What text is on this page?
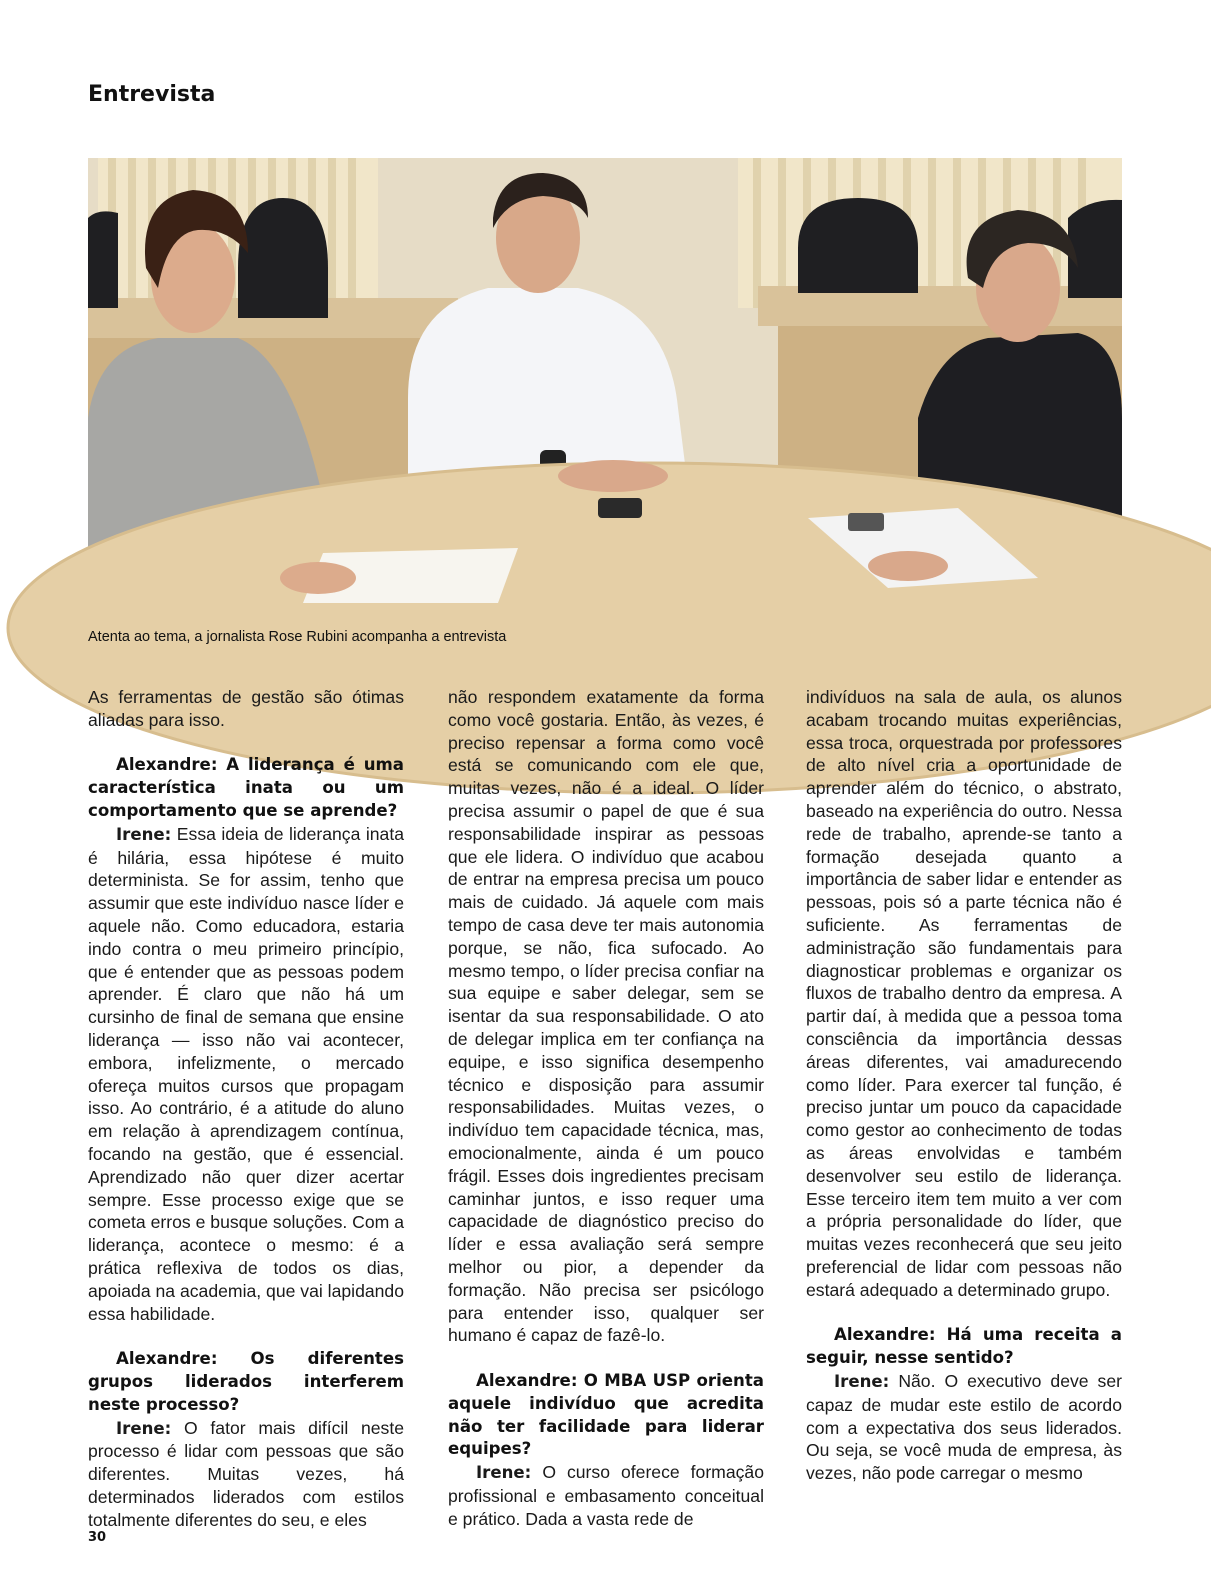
Entrevista
Atenta ao tema, a jornalista Rose Rubini acompanha a entrevista

As ferramentas de gestão são ótimas aliadas para isso.

Alexandre: A liderança é uma característica inata ou um comportamento que se aprende?

Irene: Essa ideia de liderança inata é hilária, essa hipótese é muito determinista. Se for assim, tenho que assumir que este indivíduo nasce líder e aquele não. Como educadora, estaria indo contra o meu primeiro princípio, que é entender que as pessoas podem aprender. É claro que não há um cursinho de final de semana que ensine liderança — isso não vai acontecer, embora, infelizmente, o mercado ofereça muitos cursos que propagam isso. Ao contrário, é a atitude do aluno em relação à aprendizagem contínua, focando na gestão, que é essencial. Aprendizado não quer dizer acertar sempre. Esse processo exige que se cometa erros e busque soluções. Com a liderança, acontece o mesmo: é a prática reflexiva de todos os dias, apoiada na academia, que vai lapidando essa habilidade.

Alexandre: Os diferentes grupos liderados interferem neste processo?

Irene: O fator mais difícil neste processo é lidar com pessoas que são diferentes. Muitas vezes, há determinados liderados com estilos totalmente diferentes do seu, e eles

não respondem exatamente da forma como você gostaria. Então, às vezes, é preciso repensar a forma como você está se comunicando com ele que, muitas vezes, não é a ideal. O líder precisa assumir o papel de que é sua responsabilidade inspirar as pessoas que ele lidera. O indivíduo que acabou de entrar na empresa precisa um pouco mais de cuidado. Já aquele com mais tempo de casa deve ter mais autonomia porque, se não, fica sufocado. Ao mesmo tempo, o líder precisa confiar na sua equipe e saber delegar, sem se isentar da sua responsabilidade. O ato de delegar implica em ter confiança na equipe, e isso significa desempenho técnico e disposição para assumir responsabilidades. Muitas vezes, o indivíduo tem capacidade técnica, mas, emocionalmente, ainda é um pouco frágil. Esses dois ingredientes precisam caminhar juntos, e isso requer uma capacidade de diagnóstico preciso do líder e essa avaliação será sempre melhor ou pior, a depender da formação. Não precisa ser psicólogo para entender isso, qualquer ser humano é capaz de fazê-lo.

Alexandre: O MBA USP orienta aquele indivíduo que acredita não ter facilidade para liderar equipes?

Irene: O curso oferece formação profissional e embasamento conceitual e prático. Dada a vasta rede de

indivíduos na sala de aula, os alunos acabam trocando muitas experiências, essa troca, orquestrada por professores de alto nível cria a oportunidade de aprender além do técnico, o abstrato, baseado na experiência do outro. Nessa rede de trabalho, aprende-se tanto a formação desejada quanto a importância de saber lidar e entender as pessoas, pois só a parte técnica não é suficiente. As ferramentas de administração são fundamentais para diagnosticar problemas e organizar os fluxos de trabalho dentro da empresa. A partir daí, à medida que a pessoa toma consciência da importância dessas áreas diferentes, vai amadurecendo como líder. Para exercer tal função, é preciso juntar um pouco da capacidade como gestor ao conhecimento de todas as áreas envolvidas e também desenvolver seu estilo de liderança. Esse terceiro item tem muito a ver com a própria personalidade do líder, que muitas vezes reconhecerá que seu jeito preferencial de lidar com pessoas não estará adequado a determinado grupo.

Alexandre: Há uma receita a seguir, nesse sentido?

Irene: Não. O executivo deve ser capaz de mudar este estilo de acordo com a expectativa dos seus liderados. Ou seja, se você muda de empresa, às vezes, não pode carregar o mesmo

30
